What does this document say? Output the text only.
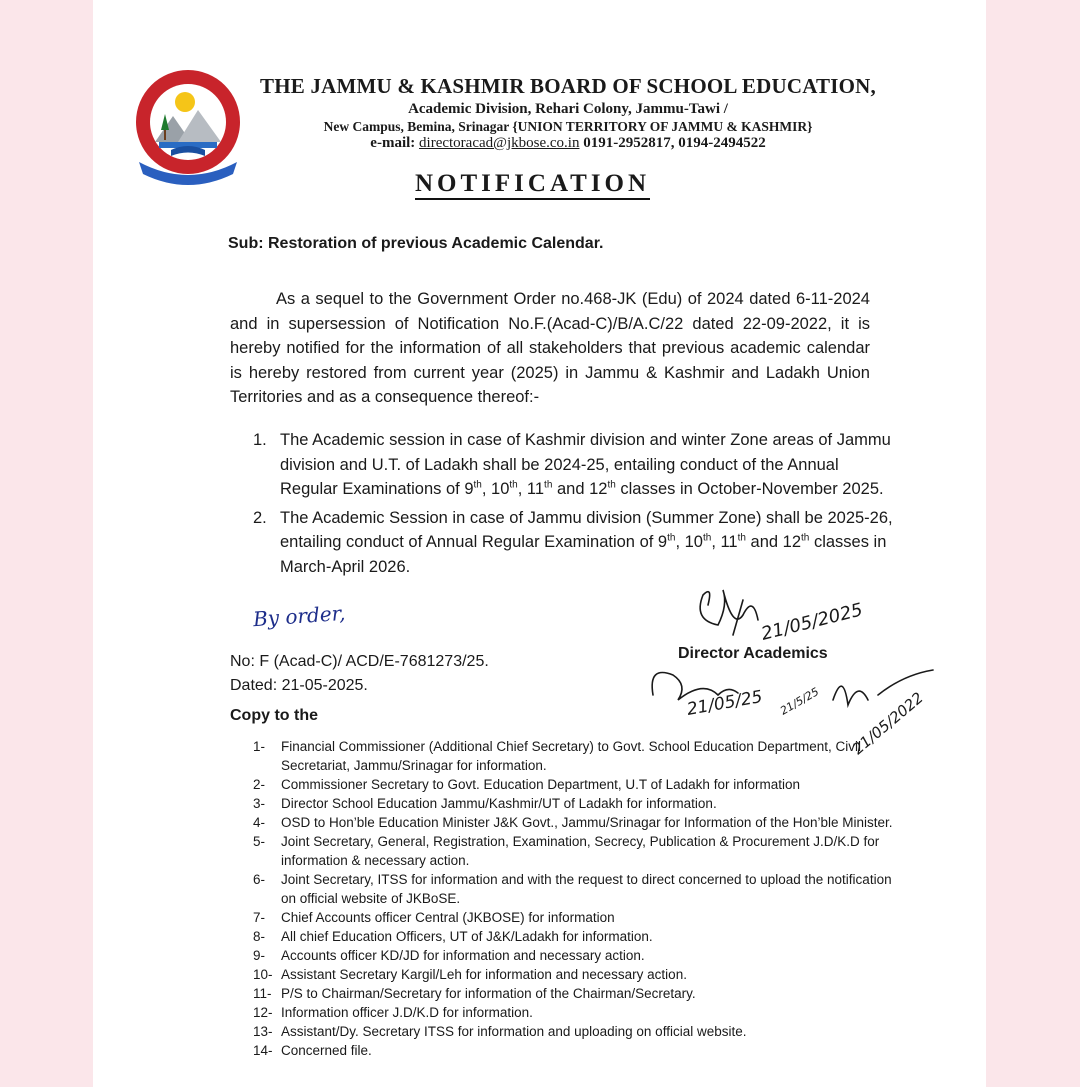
THE JAMMU & KASHMIR BOARD OF SCHOOL EDUCATION,
Academic Division, Rehari Colony, Jammu-Tawi /
New Campus, Bemina, Srinagar {UNION TERRITORY OF JAMMU & KASHMIR}
e-mail: directoracad@jkbose.co.in 0191-2952817, 0194-2494522
NOTIFICATION
Sub: Restoration of previous Academic Calendar.
As a sequel to the Government Order no.468-JK (Edu) of 2024 dated 6-11-2024 and in supersession of Notification No.F.(Acad-C)/B/A.C/22 dated 22-09-2022, it is hereby notified for the information of all stakeholders that previous academic calendar is hereby restored from current year (2025) in Jammu & Kashmir and Ladakh Union Territories and as a consequence thereof:-
1. The Academic session in case of Kashmir division and winter Zone areas of Jammu division and U.T. of Ladakh shall be 2024-25, entailing conduct of the Annual Regular Examinations of 9th, 10th, 11th and 12th classes in October-November 2025.
2. The Academic Session in case of Jammu division (Summer Zone) shall be 2025-26, entailing conduct of Annual Regular Examination of 9th, 10th, 11th and 12th classes in March-April 2026.
By order,
No: F (Acad-C)/ ACD/E-7681273/25.
Dated: 21-05-2025.
Copy to the
21/05/2025
21/05/25 21/5/25 21/05/2022
Director Academics
1- Financial Commissioner (Additional Chief Secretary) to Govt. School Education Department, Civil Secretariat, Jammu/Srinagar for information.
2- Commissioner Secretary to Govt. Education Department, U.T of Ladakh for information
3- Director School Education Jammu/Kashmir/UT of Ladakh for information.
4- OSD to Hon’ble Education Minister J&K Govt., Jammu/Srinagar for Information of the Hon’ble Minister.
5- Joint Secretary, General, Registration, Examination, Secrecy, Publication & Procurement J.D/K.D for information & necessary action.
6- Joint Secretary, ITSS for information and with the request to direct concerned to upload the notification on official website of JKBoSE.
7- Chief Accounts officer Central (JKBOSE) for information
8- All chief Education Officers, UT of J&K/Ladakh for information.
9- Accounts officer KD/JD for information and necessary action.
10- Assistant Secretary Kargil/Leh for information and necessary action.
11- P/S to Chairman/Secretary for information of the Chairman/Secretary.
12- Information officer J.D/K.D for information.
13- Assistant/Dy. Secretary ITSS for information and uploading on official website.
14- Concerned file.
